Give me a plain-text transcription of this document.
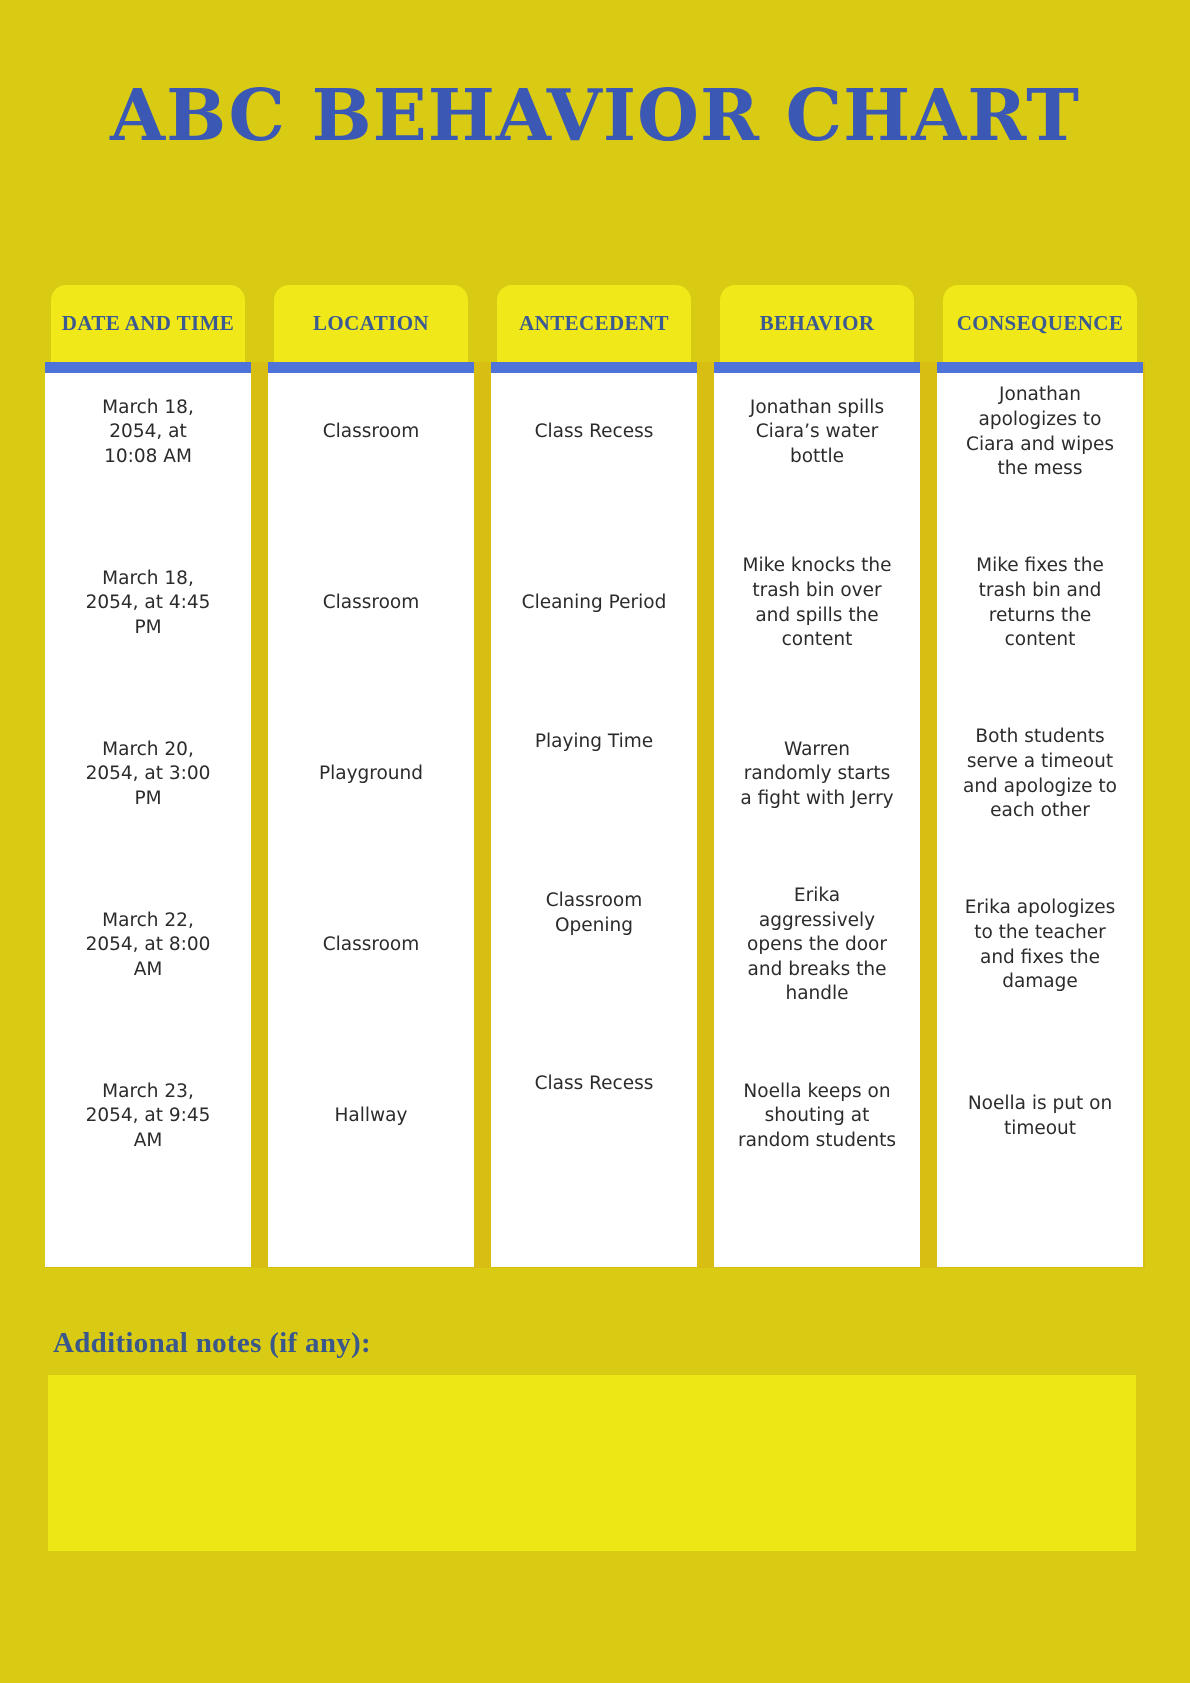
ABC BEHAVIOR CHART
DATE AND TIME
March 18, 2054, at 10:08 AM
March 18, 2054, at 4:45 PM
March 20, 2054, at 3:00 PM
March 22, 2054, at 8:00 AM
March 23, 2054, at 9:45 AM
LOCATION
Classroom
Classroom
Playground
Classroom
Hallway
ANTECEDENT
Class Recess
Cleaning Period
Playing Time
Classroom Opening
Class Recess
BEHAVIOR
Jonathan spills Ciara’s water bottle
Mike knocks the trash bin over and spills the content
Warren randomly starts a fight with Jerry
Erika aggressively opens the door and breaks the handle
Noella keeps on shouting at random students
CONSEQUENCE
Jonathan apologizes to Ciara and wipes the mess
Mike fixes the trash bin and returns the content
Both students serve a timeout and apologize to each other
Erika apologizes to the teacher and fixes the damage
Noella is put on timeout
Additional notes (if any):
